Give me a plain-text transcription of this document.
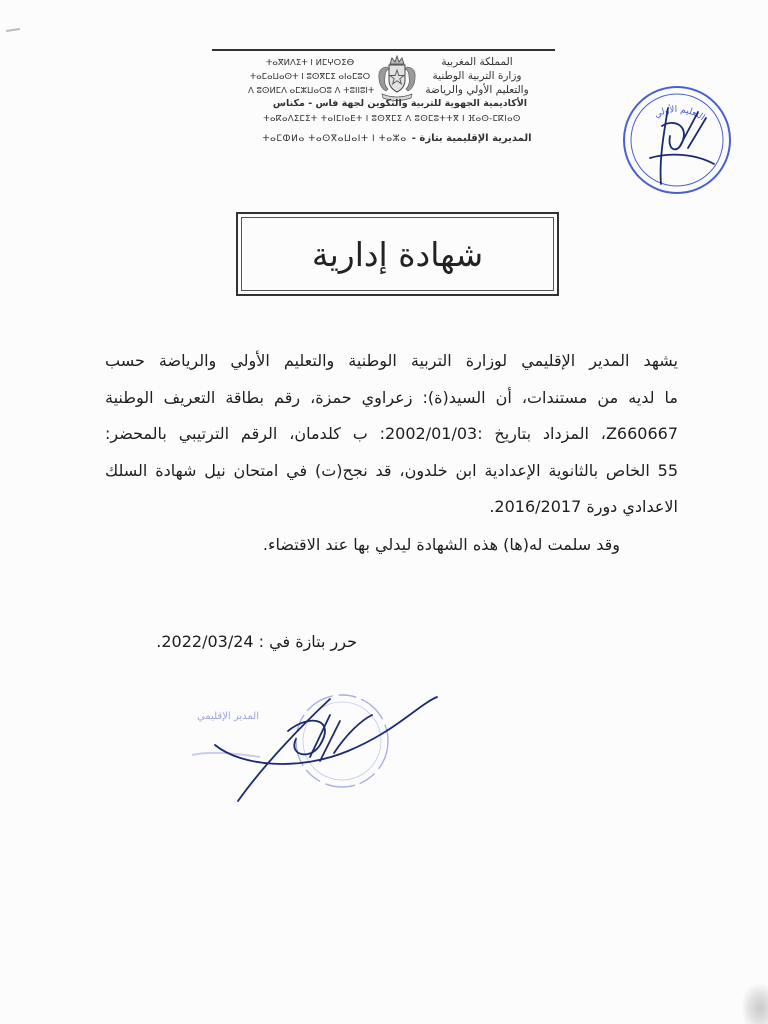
ⵜⴰⴳⵍⴷⵉⵜ ⵏ ⵍⵎⵖⵔⵉⴱ
ⵜⴰⵎⴰⵡⴰⵙⵜ ⵏ ⵓⵙⴳⵎⵉ ⴰⵏⴰⵎⵓⵔ
ⴷ ⵓⵙⵍⵎⴷ ⴰⵎⵣⵡⴰⵔⵓ ⴷ ⵜⵓⵏⵏⵓⵏⵜ
المملكة المغربية
وزارة التربية الوطنية
والتعليم الأولي والرياضة
الأكاديمية الجهوية للتربية والتكوين لجهة فاس - مكناس
ⵜⴰⴽⴰⴷⵉⵎⵉⵜ ⵜⴰⵏⵎⵏⴰⴹⵜ ⵏ ⵓⵙⴳⵎⵉ ⴷ ⵓⵙⵎⵓⵜⵜⴳ ⵏ ⴼⴰⵙ-ⵎⴽⵏⴰⵙ
ⵜⴰⵎⵀⵍⴰ ⵜⴰⵙⴳⴰⵡⴰⵏⵜ ⵏ ⵜⴰⵣⴰ المديرية الإقليمية بتازة -
التعليم الأولي
شهادة إدارية
يشهد المدير الإقليمي لوزارة التربية الوطنية والتعليم الأولي والرياضة حسب
ما لديه من مستندات، أن السيد(ة): زعراوي حمزة، رقم بطاقة التعريف الوطنية
Z660667، المزداد بتاريخ :2002/01/03: ب كلدمان، الرقم الترتيبي بالمحضر:
55 الخاص بالثانوية الإعدادية ابن خلدون، قد نجح(ت) في امتحان نيل شهادة السلك
الاعدادي دورة 2016/2017.
وقد سلمت له(ها) هذه الشهادة ليدلي بها عند الاقتضاء.
حرر بتازة في : 2022/03/24.
المدير الإقليمي
